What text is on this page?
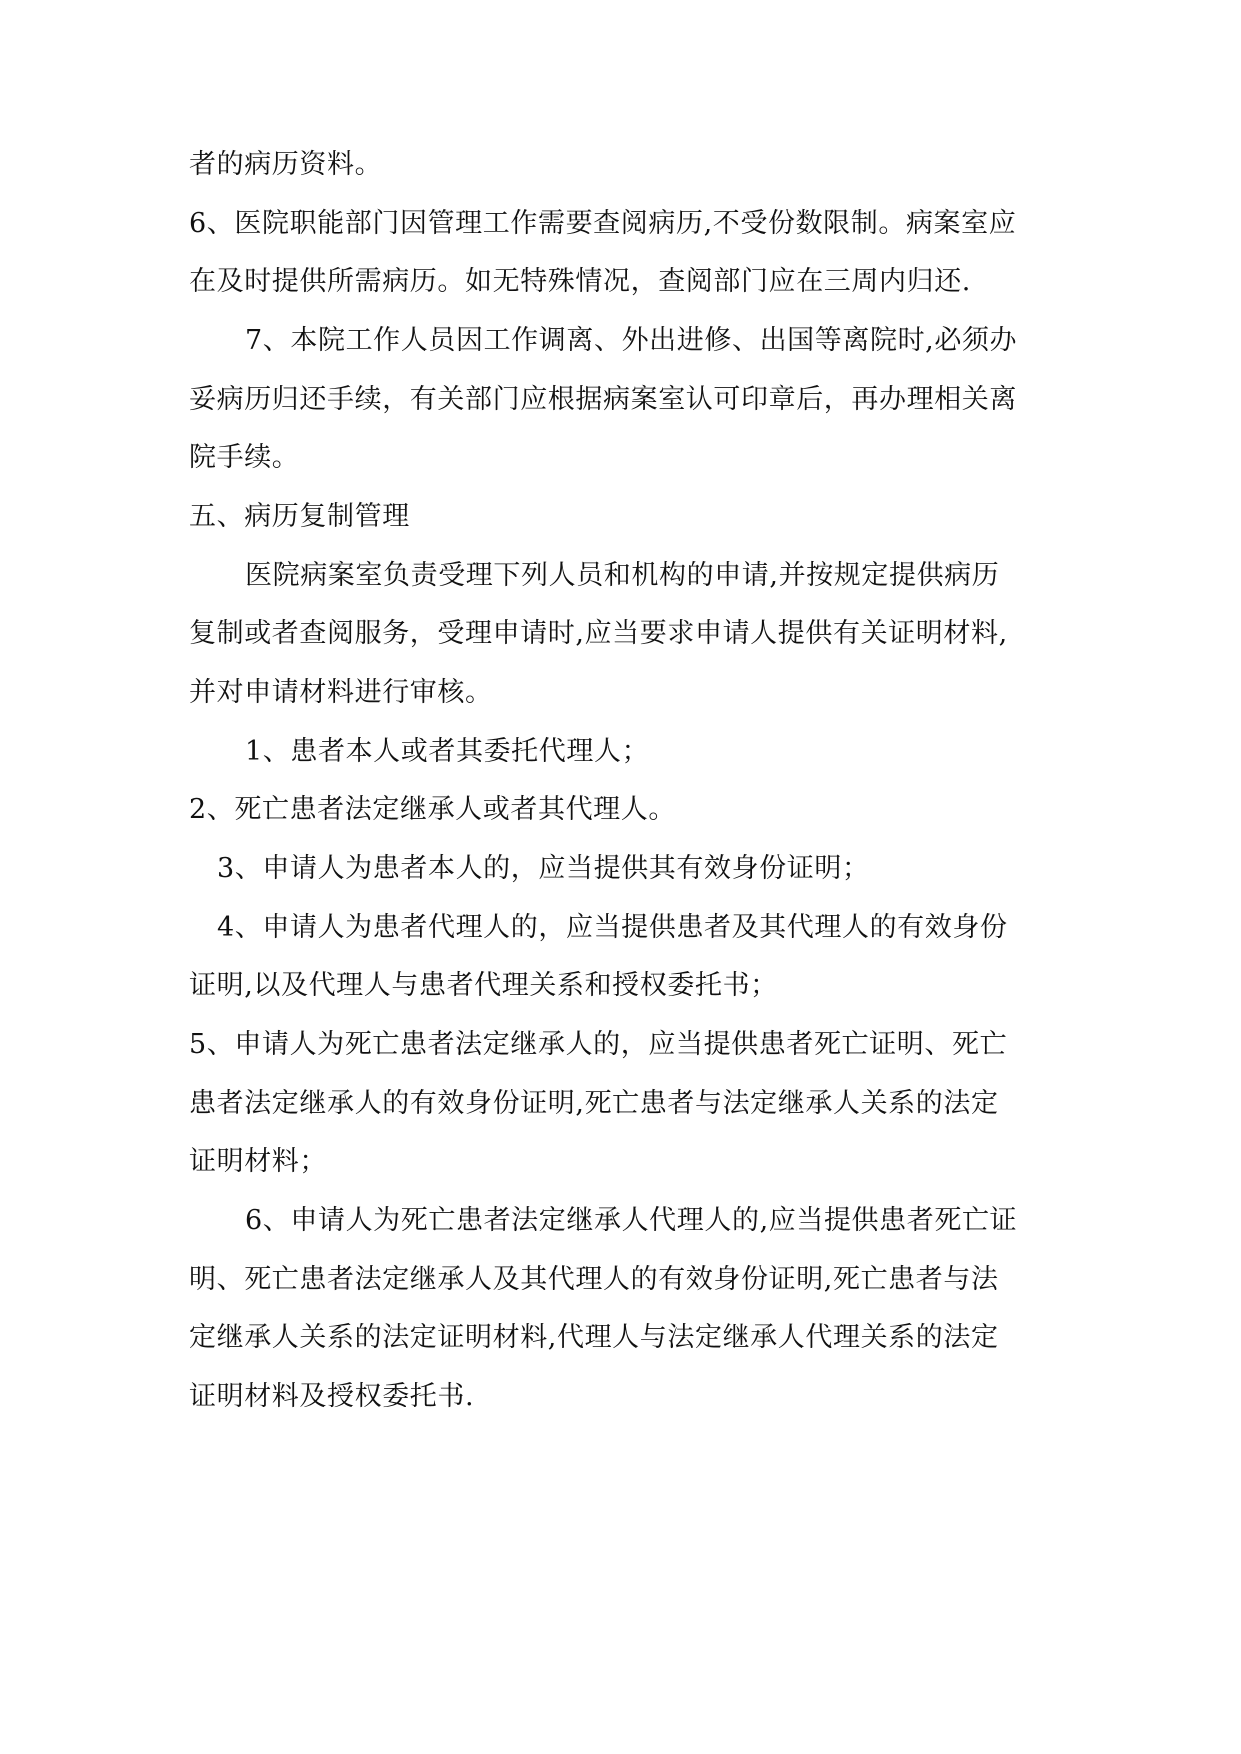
者的病历资料。

6、医院职能部门因管理工作需要查阅病历,不受份数限制。病案室应

在及时提供所需病历。如无特殊情况，查阅部门应在三周内归还.

7、本院工作人员因工作调离、外出进修、出国等离院时,必须办

妥病历归还手续，有关部门应根据病案室认可印章后，再办理相关离

院手续。

五、病历复制管理

医院病案室负责受理下列人员和机构的申请,并按规定提供病历

复制或者查阅服务，受理申请时,应当要求申请人提供有关证明材料,

并对申请材料进行审核。

1、患者本人或者其委托代理人；

2、死亡患者法定继承人或者其代理人。

3、申请人为患者本人的，应当提供其有效身份证明；

4、申请人为患者代理人的，应当提供患者及其代理人的有效身份

证明,以及代理人与患者代理关系和授权委托书；

5、申请人为死亡患者法定继承人的，应当提供患者死亡证明、死亡

患者法定继承人的有效身份证明,死亡患者与法定继承人关系的法定

证明材料；

6、申请人为死亡患者法定继承人代理人的,应当提供患者死亡证

明、死亡患者法定继承人及其代理人的有效身份证明,死亡患者与法

定继承人关系的法定证明材料,代理人与法定继承人代理关系的法定

证明材料及授权委托书.
